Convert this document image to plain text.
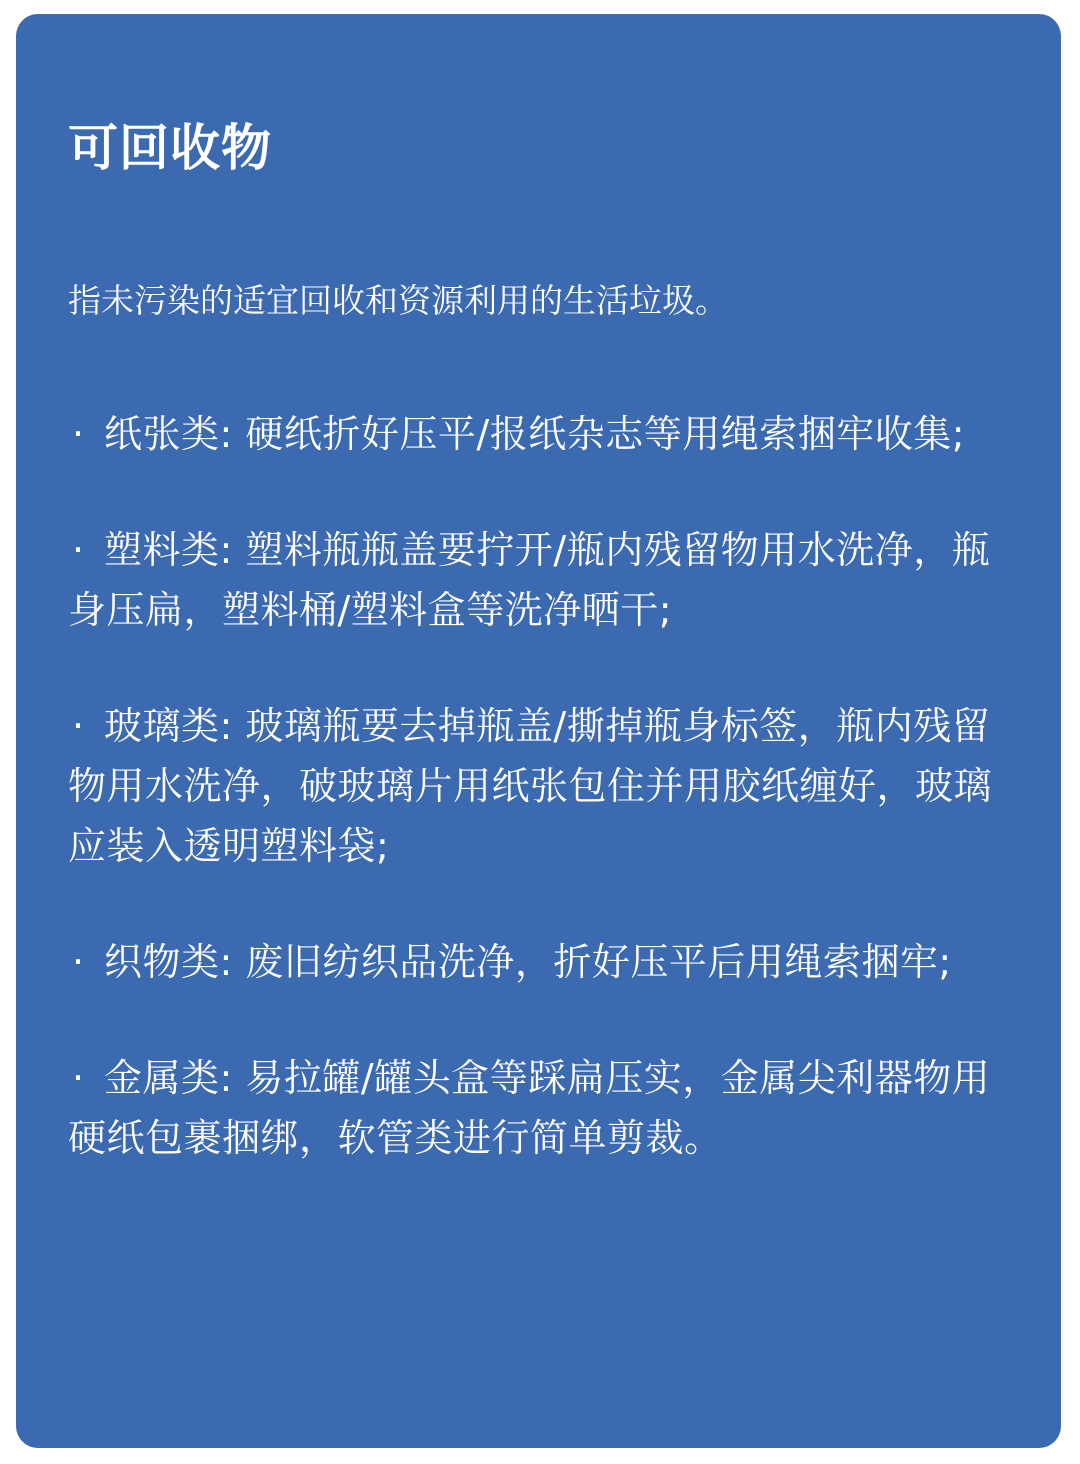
可回收物

指未污染的适宜回收和资源利用的生活垃圾。

· 纸张类: 硬纸折好压平/报纸杂志等用绳索捆牢收集;
· 塑料类: 塑料瓶瓶盖要拧开/瓶内残留物用水洗净，瓶身压扁，塑料桶/塑料盒等洗净晒干;
· 玻璃类: 玻璃瓶要去掉瓶盖/撕掉瓶身标签，瓶内残留物用水洗净，破玻璃片用纸张包住并用胶纸缠好，玻璃应装入透明塑料袋;
· 织物类: 废旧纺织品洗净，折好压平后用绳索捆牢;
· 金属类: 易拉罐/罐头盒等踩扁压实，金属尖利器物用硬纸包裹捆绑，软管类进行简单剪裁。
